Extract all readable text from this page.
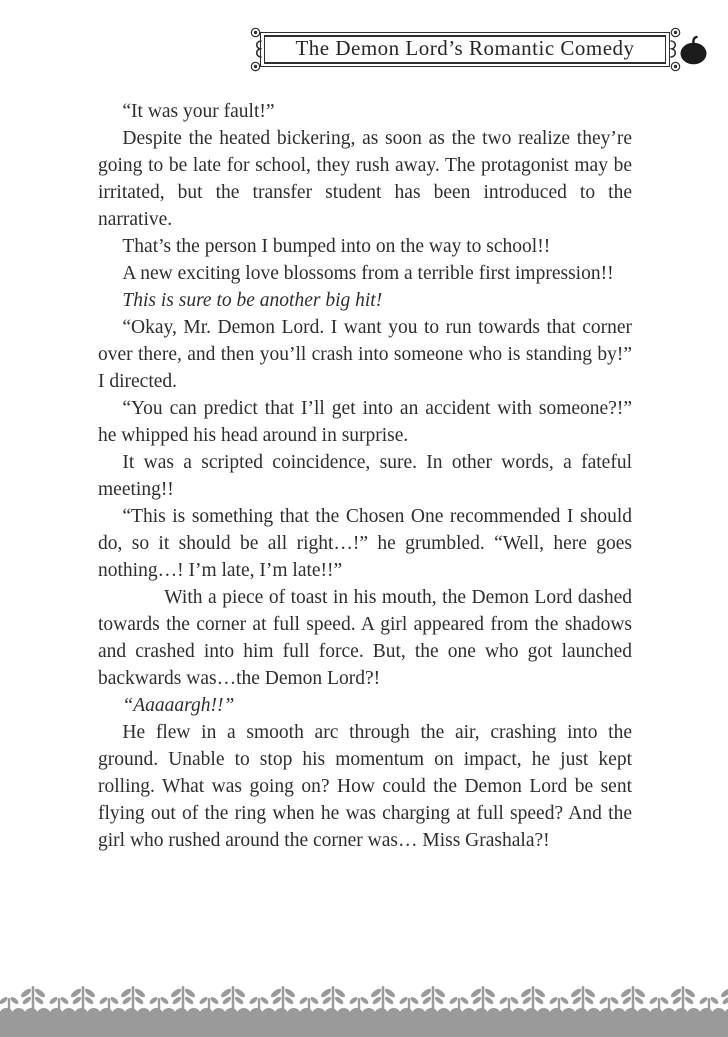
The Demon Lord’s Romantic Comedy

“It was your fault!”

Despite the heated bickering, as soon as the two realize they’re going to be late for school, they rush away. The protagonist may be irritated, but the transfer student has been introduced to the narrative.

That’s the person I bumped into on the way to school!!

A new exciting love blossoms from a terrible first impression!!

This is sure to be another big hit!

“Okay, Mr. Demon Lord. I want you to run towards that corner over there, and then you’ll crash into someone who is standing by!” I directed.

“You can predict that I’ll get into an accident with someone?!” he whipped his head around in surprise.

It was a scripted coincidence, sure. In other words, a fateful meeting!!

“This is something that the Chosen One recommended I should do, so it should be all right…!” he grumbled. “Well, here goes nothing…! I’m late, I’m late!!”

With a piece of toast in his mouth, the Demon Lord dashed towards the corner at full speed. A girl appeared from the shadows and crashed into him full force. But, the one who got launched backwards was…the Demon Lord?!

“Aaaaargh!!”

He flew in a smooth arc through the air, crashing into the ground. Unable to stop his momentum on impact, he just kept rolling. What was going on? How could the Demon Lord be sent flying out of the ring when he was charging at full speed? And the girl who rushed around the corner was… Miss Grashala?!
